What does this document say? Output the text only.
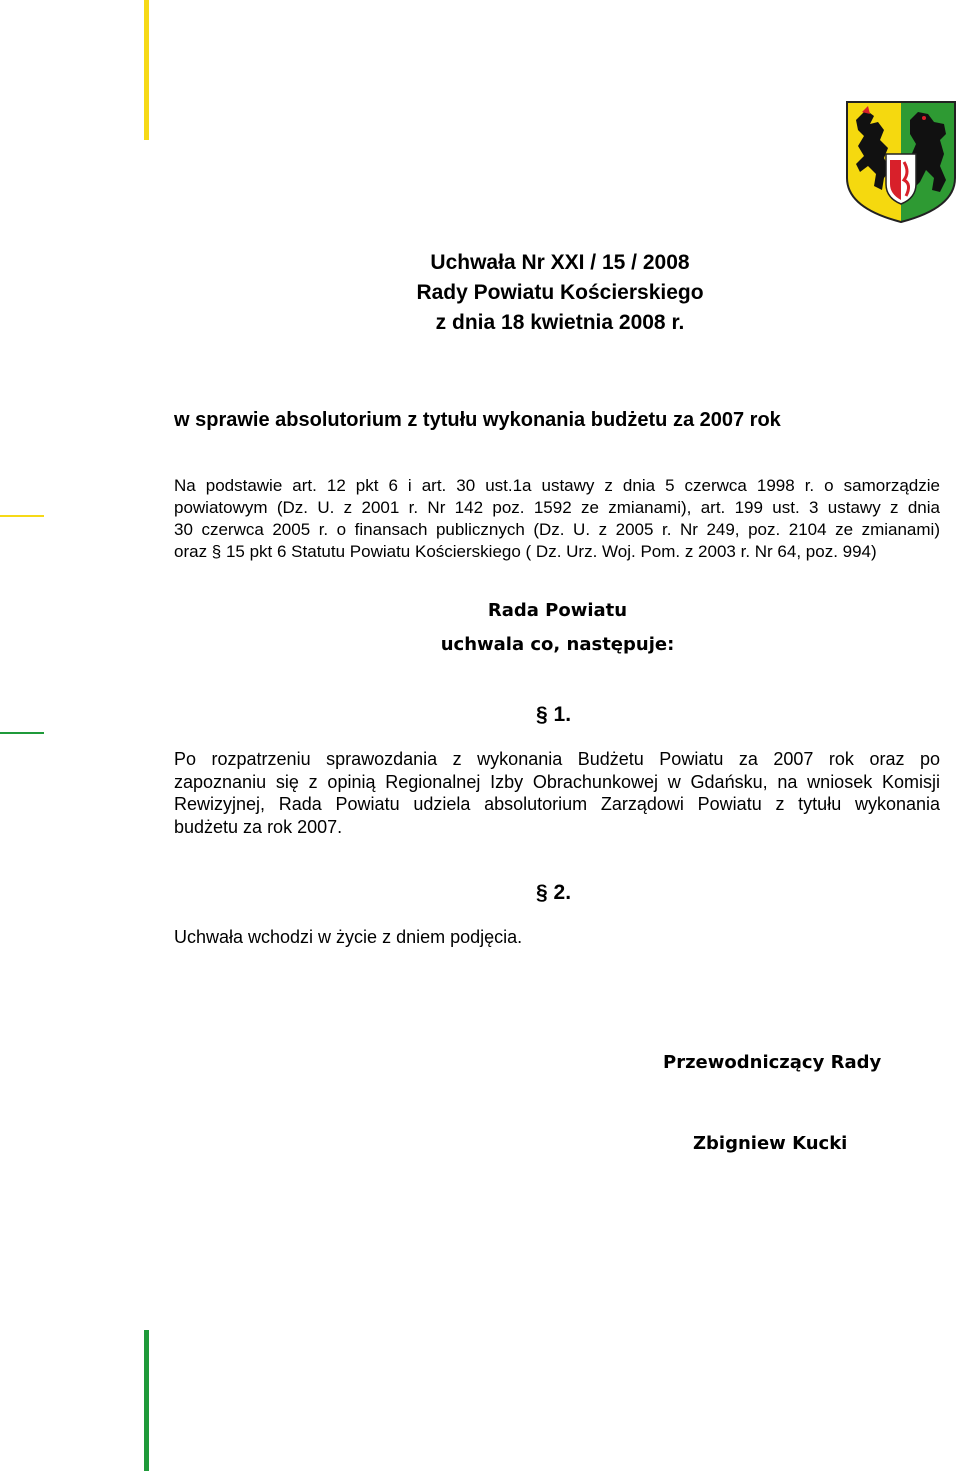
Uchwała Nr XXI / 15 / 2008
Rady Powiatu Kościerskiego
z dnia 18 kwietnia 2008 r.
w sprawie absolutorium z tytułu wykonania budżetu za 2007 rok
Na podstawie art. 12 pkt 6 i art. 30 ust.1a ustawy z dnia 5 czerwca 1998 r. o samorządzie
powiatowym (Dz. U. z 2001 r. Nr 142 poz. 1592 ze zmianami), art. 199 ust. 3 ustawy z dnia
30 czerwca 2005 r. o finansach publicznych (Dz. U. z 2005 r. Nr 249, poz. 2104 ze zmianami)
oraz § 15 pkt 6 Statutu Powiatu Kościerskiego ( Dz. Urz. Woj. Pom. z 2003 r. Nr 64, poz. 994)
Rada Powiatu
uchwala co, następuje:
§ 1.
Po rozpatrzeniu sprawozdania z wykonania Budżetu Powiatu za 2007 rok oraz po
zapoznaniu się z opinią Regionalnej Izby Obrachunkowej w Gdańsku, na wniosek Komisji
Rewizyjnej, Rada Powiatu udziela absolutorium Zarządowi Powiatu z tytułu wykonania
budżetu za rok 2007.
§ 2.
Uchwała wchodzi w życie z dniem podjęcia.
Przewodniczący Rady
Zbigniew Kucki
